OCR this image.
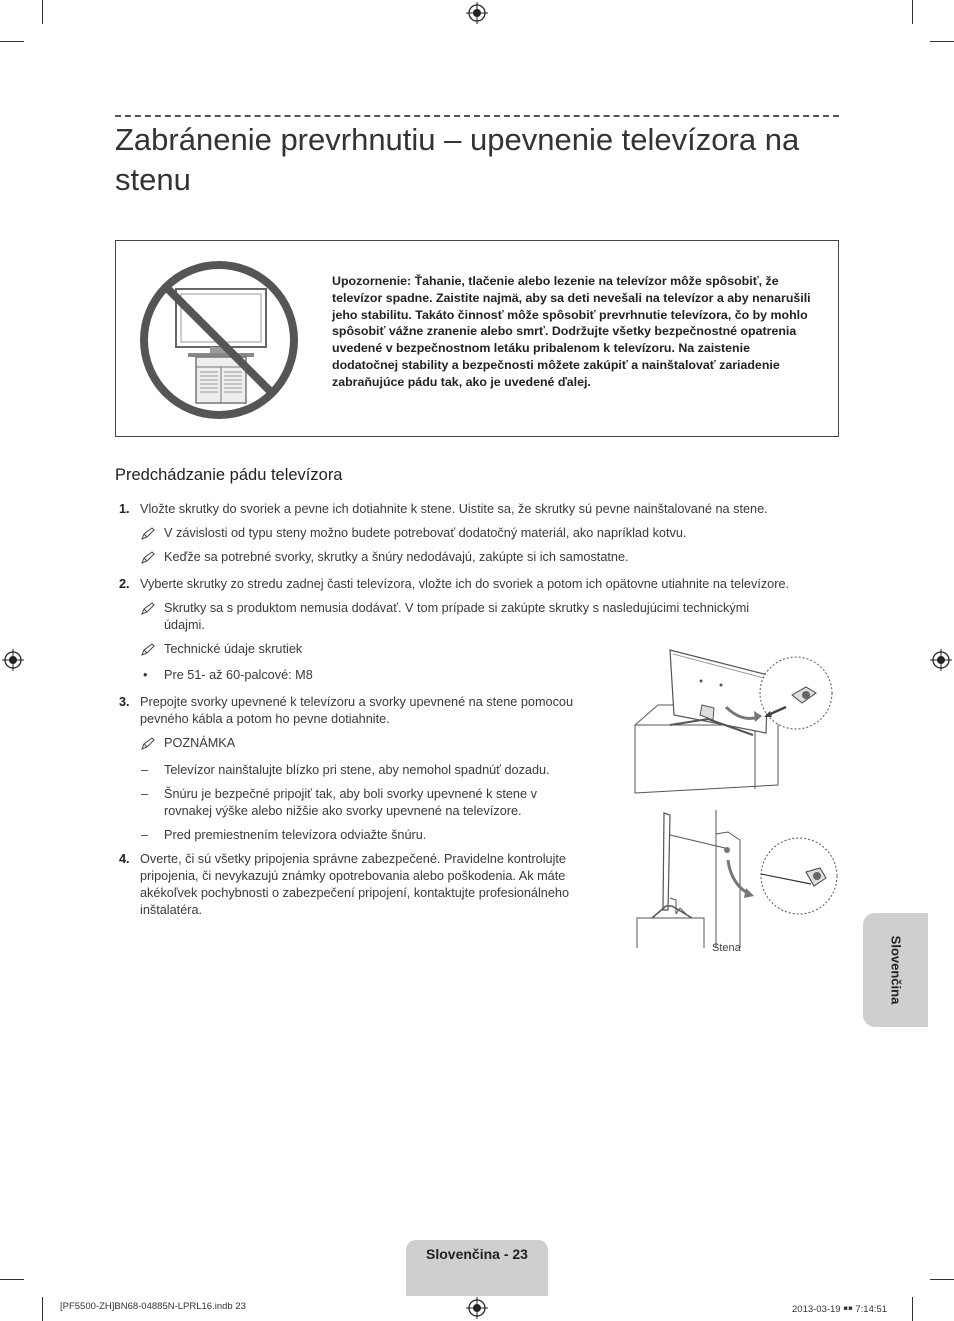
Zabránenie prevrhnutiu – upevnenie televízora na stenu
Upozornenie: Ťahanie, tlačenie alebo lezenie na televízor môže spôsobiť, že televízor spadne. Zaistite najmä, aby sa deti nevešali na televízor a aby nenarušili jeho stabilitu. Takáto činnosť môže spôsobiť prevrhnutie televízora, čo by mohlo spôsobiť vážne zranenie alebo smrť. Dodržujte všetky bezpečnostné opatrenia uvedené v bezpečnostnom letáku pribalenom k televízoru. Na zaistenie dodatočnej stability a bezpečnosti môžete zakúpiť a nainštalovať zariadenie zabraňujúce pádu tak, ako je uvedené ďalej.
Predchádzanie pádu televízora
1. Vložte skrutky do svoriek a pevne ich dotiahnite k stene. Uistite sa, že skrutky sú pevne nainštalované na stene.
V závislosti od typu steny možno budete potrebovať dodatočný materiál, ako napríklad kotvu.
Keďže sa potrebné svorky, skrutky a šnúry nedodávajú, zakúpte si ich samostatne.
2. Vyberte skrutky zo stredu zadnej časti televízora, vložte ich do svoriek a potom ich opätovne utiahnite na televízore.
Skrutky sa s produktom nemusia dodávať. V tom prípade si zakúpte skrutky s nasledujúcimi technickými
údajmi.
Technické údaje skrutiek
• Pre 51- až 60-palcové: M8
3. Prepojte svorky upevnené k televízoru a svorky upevnené na stene pomocou
pevného kábla a potom ho pevne dotiahnite.
POZNÁMKA
– Televízor nainštalujte blízko pri stene, aby nemohol spadnúť dozadu.
– Šnúru je bezpečné pripojiť tak, aby boli svorky upevnené k stene v
rovnakej výške alebo nižšie ako svorky upevnené na televízore.
– Pred premiestnením televízora odviažte šnúru.
4. Overte, či sú všetky pripojenia správne zabezpečené. Pravidelne kontrolujte
pripojenia, či nevykazujú známky opotrebovania alebo poškodenia. Ak máte
akékoľvek pochybnosti o zabezpečení pripojení, kontaktujte profesionálneho
inštalatéra.
Stena	Slovenčina
Slovenčina - 23
[PF5500-ZH]BN68-04885N-LPRL16.indb 23	2013-03-19 ￭￭ 7:14:51
